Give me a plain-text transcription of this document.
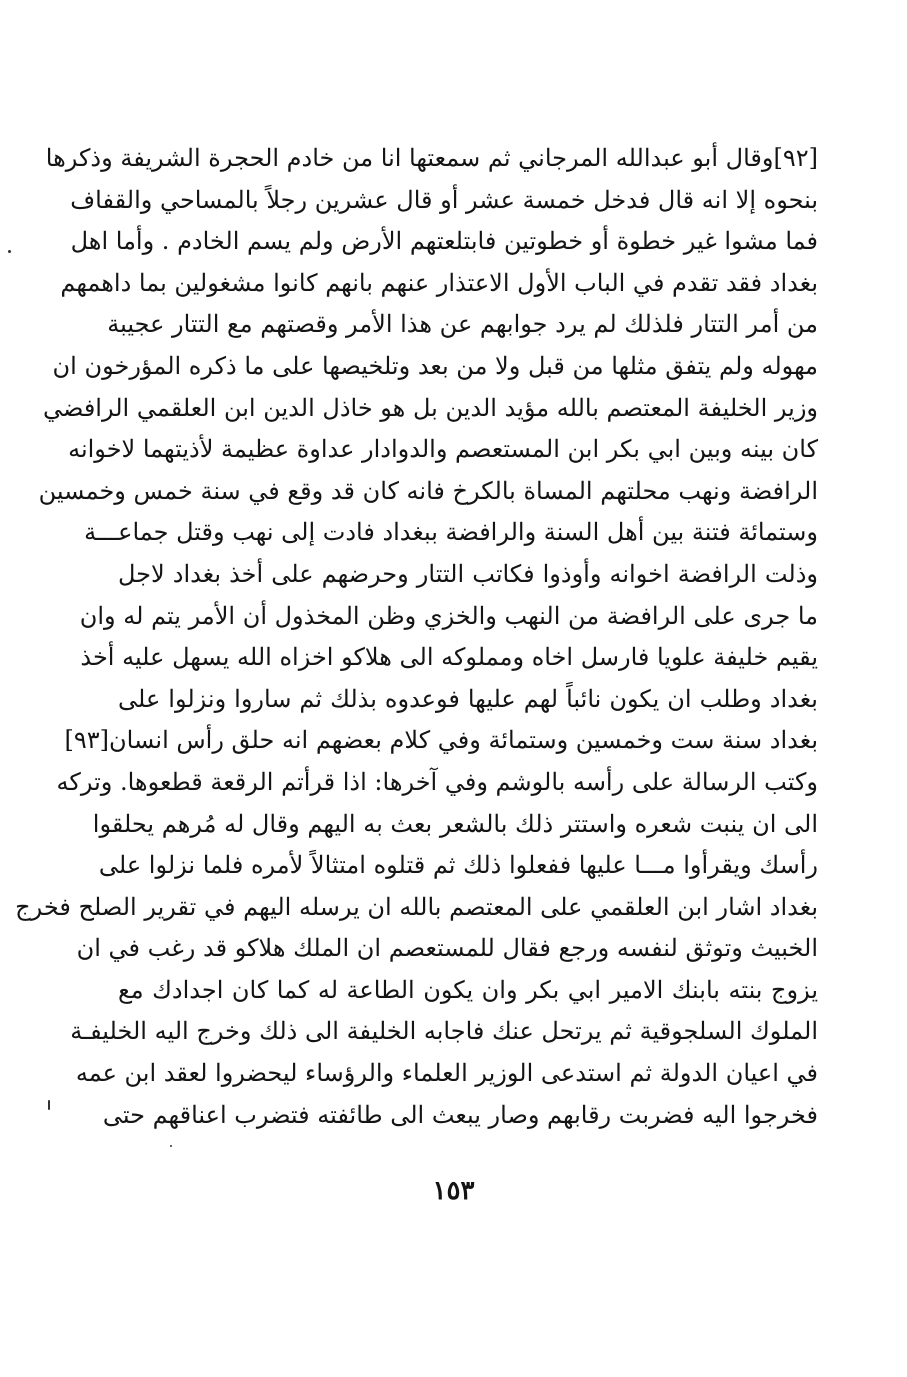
[٩٢]وقال أبو عبدالله المرجاني ثم سمعتها انا من خادم الحجرة الشريفة وذكرها
بنحوه إلا انه قال فدخل خمسة عشر أو قال عشرين رجلاً بالمساحي والقفاف
فما مشوا غير خطوة أو خطوتين فابتلعتهم الأرض ولم يسم الخادم . وأما اهل
بغداد فقد تقدم في الباب الأول الاعتذار عنهم بانهم كانوا مشغولين بما داهمهم
من أمر التتار فلذلك لم يرد جوابهم عن هذا الأمر وقصتهم مع التتار عجيبة
مهوله ولم يتفق مثلها من قبل ولا من بعد وتلخيصها على ما ذكره المؤرخون ان
وزير الخليفة المعتصم بالله مؤيد الدين بل هو خاذل الدين ابن العلقمي الرافضي
كان بينه وبين ابي بكر ابن المستعصم والدوادار عداوة عظيمة لأذيتهما لاخوانه
الرافضة ونهب محلتهم المساة بالكرخ فانه كان قد وقع في سنة خمس وخمسين
وستمائة فتنة بين أهل السنة والرافضة ببغداد فادت إلى نهب وقتل جماعـــة
وذلت الرافضة اخوانه وأوذوا فكاتب التتار وحرضهم على أخذ بغداد لاجل
ما جرى على الرافضة من النهب والخزي وظن المخذول أن الأمر يتم له وان
يقيم خليفة علويا فارسل اخاه ومملوكه الى هلاكو اخزاه الله يسهل عليه أخذ
بغداد وطلب ان يكون نائباً لهم عليها فوعدوه بذلك ثم ساروا ونزلوا على
بغداد سنة ست وخمسين وستمائة وفي كلام بعضهم انه حلق رأس انسان[٩٣]
وكتب الرسالة على رأسه بالوشم وفي آخرها: اذا قرأتم الرقعة قطعوها. وتركه
الى ان ينبت شعره واستتر ذلك بالشعر بعث به اليهم وقال له مُرهم يحلقوا
رأسك ويقرأوا مـــا عليها ففعلوا ذلك ثم قتلوه امتثالاً لأمره فلما نزلوا على
بغداد اشار ابن العلقمي على المعتصم بالله ان يرسله اليهم في تقرير الصلح فخرج
الخبيث وتوثق لنفسه ورجع فقال للمستعصم ان الملك هلاكو قد رغب في ان
يزوج بنته بابنك الامير ابي بكر وان يكون الطاعة له كما كان اجدادك مع
الملوك السلجوقية ثم يرتحل عنك فاجابه الخليفة الى ذلك وخرج اليه الخليفـة
في اعيان الدولة ثم استدعى الوزير العلماء والرؤساء ليحضروا لعقد ابن عمه
فخرجوا اليه فضربت رقابهم وصار يبعث الى طائفته فتضرب اعناقهم حتى
١٥٣
